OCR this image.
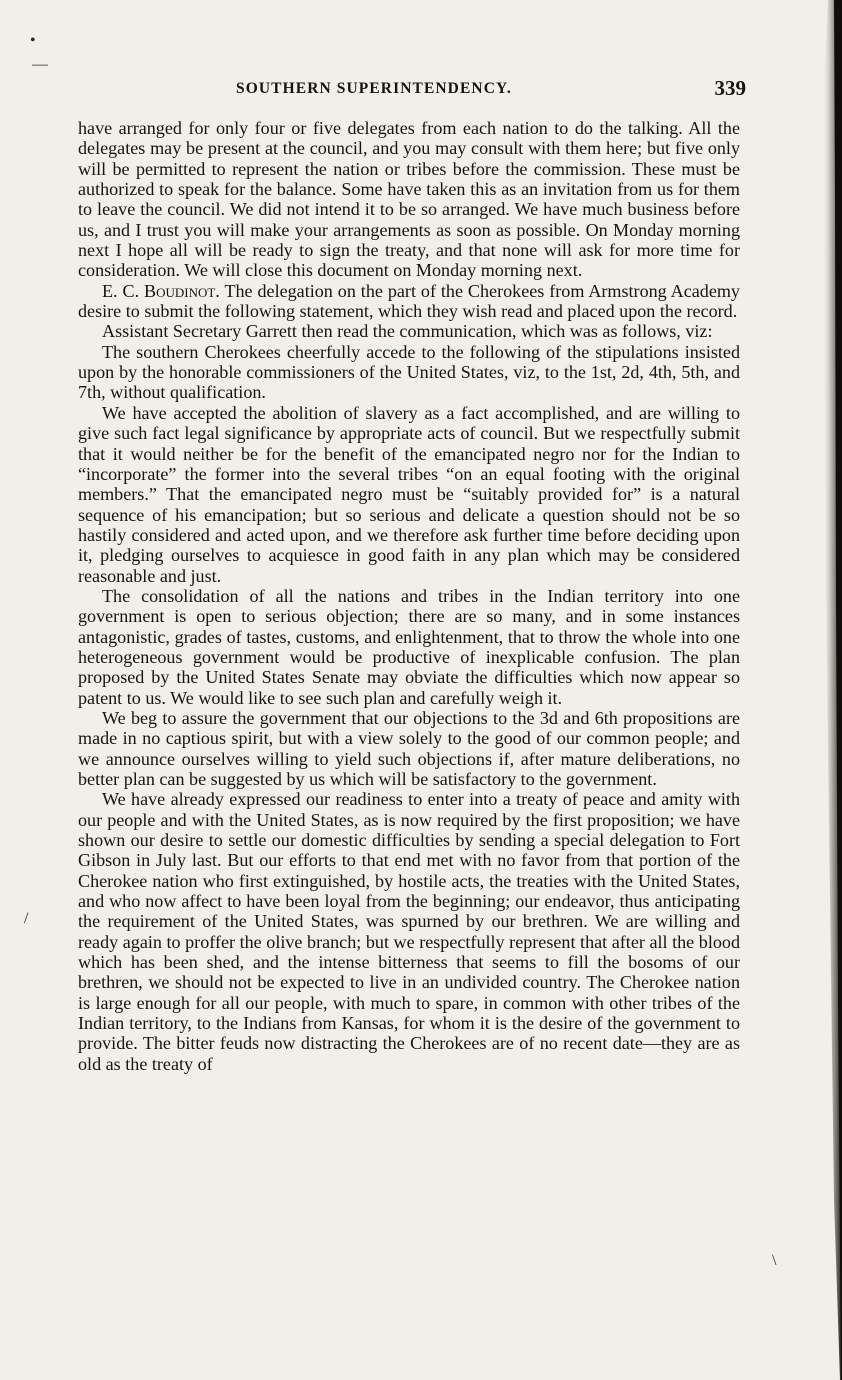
•
—
/
\
SOUTHERN SUPERINTENDENCY.	339

have arranged for only four or five delegates from each nation to do the talking. All the delegates may be present at the council, and you may consult with them here; but five only will be permitted to represent the nation or tribes before the commission. These must be authorized to speak for the balance. Some have taken this as an invitation from us for them to leave the council. We did not intend it to be so arranged. We have much business before us, and I trust you will make your arrangements as soon as possible. On Monday morning next I hope all will be ready to sign the treaty, and that none will ask for more time for consideration. We will close this document on Monday morning next.

E. C. Boudinot. The delegation on the part of the Cherokees from Armstrong Academy desire to submit the following statement, which they wish read and placed upon the record.

Assistant Secretary Garrett then read the communication, which was as follows, viz:

The southern Cherokees cheerfully accede to the following of the stipulations insisted upon by the honorable commissioners of the United States, viz, to the 1st, 2d, 4th, 5th, and 7th, without qualification.

We have accepted the abolition of slavery as a fact accomplished, and are willing to give such fact legal significance by appropriate acts of council. But we respectfully submit that it would neither be for the benefit of the emancipated negro nor for the Indian to “incorporate” the former into the several tribes “on an equal footing with the original members.” That the emancipated negro must be “suitably provided for” is a natural sequence of his emancipation; but so serious and delicate a question should not be so hastily considered and acted upon, and we therefore ask further time before deciding upon it, pledging ourselves to acquiesce in good faith in any plan which may be considered reasonable and just.

The consolidation of all the nations and tribes in the Indian territory into one government is open to serious objection; there are so many, and in some instances antagonistic, grades of tastes, customs, and enlightenment, that to throw the whole into one heterogeneous government would be productive of inexplicable confusion. The plan proposed by the United States Senate may obviate the difficulties which now appear so patent to us. We would like to see such plan and carefully weigh it.

We beg to assure the government that our objections to the 3d and 6th propositions are made in no captious spirit, but with a view solely to the good of our common people; and we announce ourselves willing to yield such objections if, after mature deliberations, no better plan can be suggested by us which will be satisfactory to the government.

We have already expressed our readiness to enter into a treaty of peace and amity with our people and with the United States, as is now required by the first proposition; we have shown our desire to settle our domestic difficulties by sending a special delegation to Fort Gibson in July last. But our efforts to that end met with no favor from that portion of the Cherokee nation who first extinguished, by hostile acts, the treaties with the United States, and who now affect to have been loyal from the beginning; our endeavor, thus anticipating the requirement of the United States, was spurned by our brethren. We are willing and ready again to proffer the olive branch; but we respectfully represent that after all the blood which has been shed, and the intense bitterness that seems to fill the bosoms of our brethren, we should not be expected to live in an undivided country. The Cherokee nation is large enough for all our people, with much to spare, in common with other tribes of the Indian territory, to the Indians from Kansas, for whom it is the desire of the government to provide. The bitter feuds now distracting the Cherokees are of no recent date—they are as old as the treaty of
